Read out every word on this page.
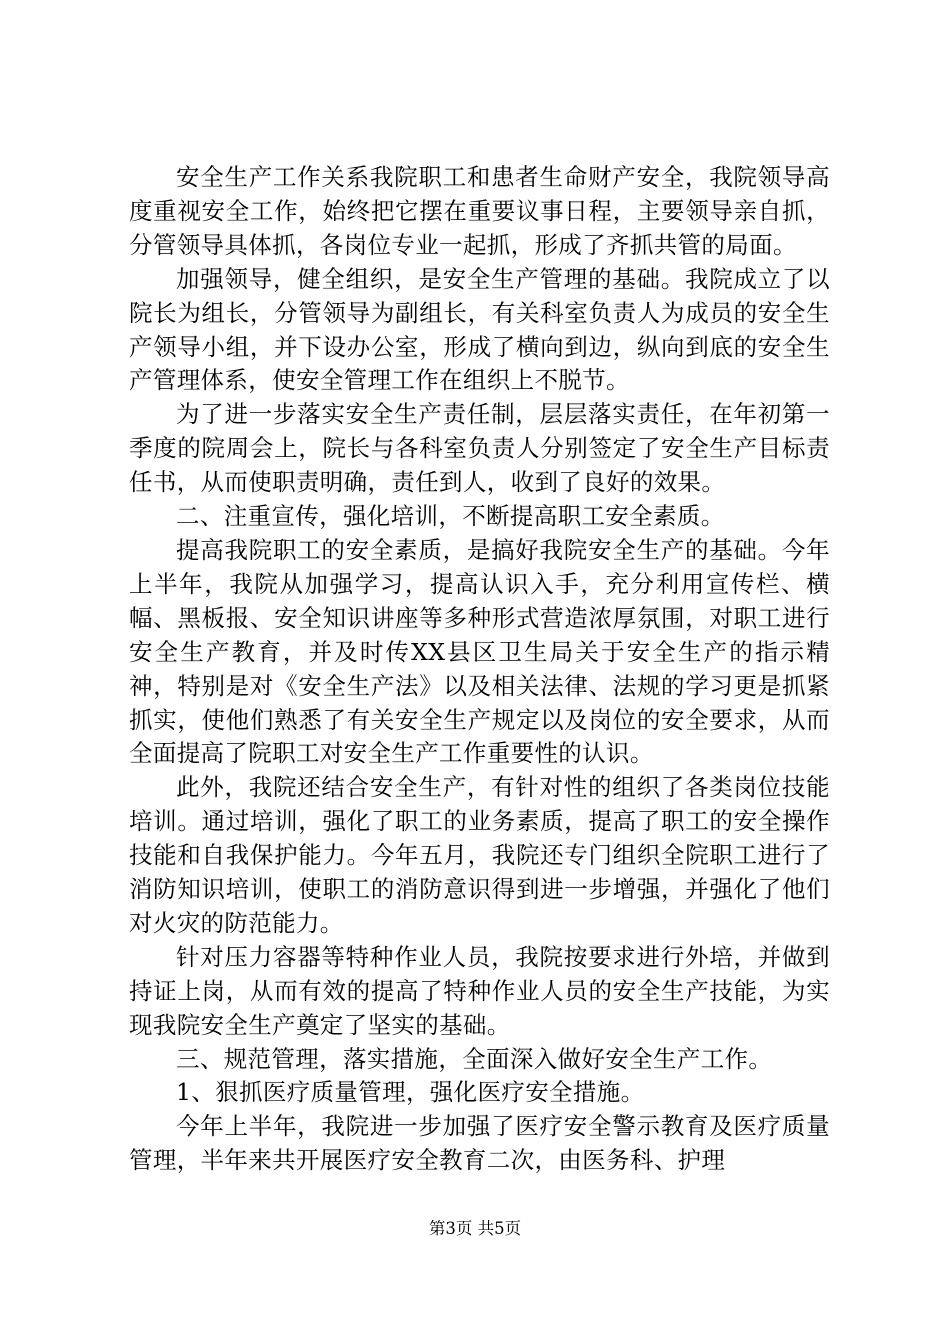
安全生产工作关系我院职工和患者生命财产安全，我院领导高度重视安全工作，始终把它摆在重要议事日程，主要领导亲自抓，分管领导具体抓，各岗位专业一起抓，形成了齐抓共管的局面。

加强领导，健全组织，是安全生产管理的基础。我院成立了以院长为组长，分管领导为副组长，有关科室负责人为成员的安全生产领导小组，并下设办公室，形成了横向到边，纵向到底的安全生产管理体系，使安全管理工作在组织上不脱节。

为了进一步落实安全生产责任制，层层落实责任，在年初第一季度的院周会上，院长与各科室负责人分别签定了安全生产目标责任书，从而使职责明确，责任到人，收到了良好的效果。

二、注重宣传，强化培训，不断提高职工安全素质。

提高我院职工的安全素质，是搞好我院安全生产的基础。今年上半年，我院从加强学习，提高认识入手，充分利用宣传栏、横幅、黑板报、安全知识讲座等多种形式营造浓厚氛围，对职工进行安全生产教育，并及时传XX县区卫生局关于安全生产的指示精神，特别是对《安全生产法》以及相关法律、法规的学习更是抓紧抓实，使他们熟悉了有关安全生产规定以及岗位的安全要求，从而全面提高了院职工对安全生产工作重要性的认识。

此外，我院还结合安全生产，有针对性的组织了各类岗位技能培训。通过培训，强化了职工的业务素质，提高了职工的安全操作技能和自我保护能力。今年五月，我院还专门组织全院职工进行了消防知识培训，使职工的消防意识得到进一步增强，并强化了他们对火灾的防范能力。

针对压力容器等特种作业人员，我院按要求进行外培，并做到持证上岗，从而有效的提高了特种作业人员的安全生产技能，为实现我院安全生产奠定了坚实的基础。

三、规范管理，落实措施，全面深入做好安全生产工作。

1、狠抓医疗质量管理，强化医疗安全措施。

今年上半年，我院进一步加强了医疗安全警示教育及医疗质量管理，半年来共开展医疗安全教育二次，由医务科、护理

第3页 共5页
